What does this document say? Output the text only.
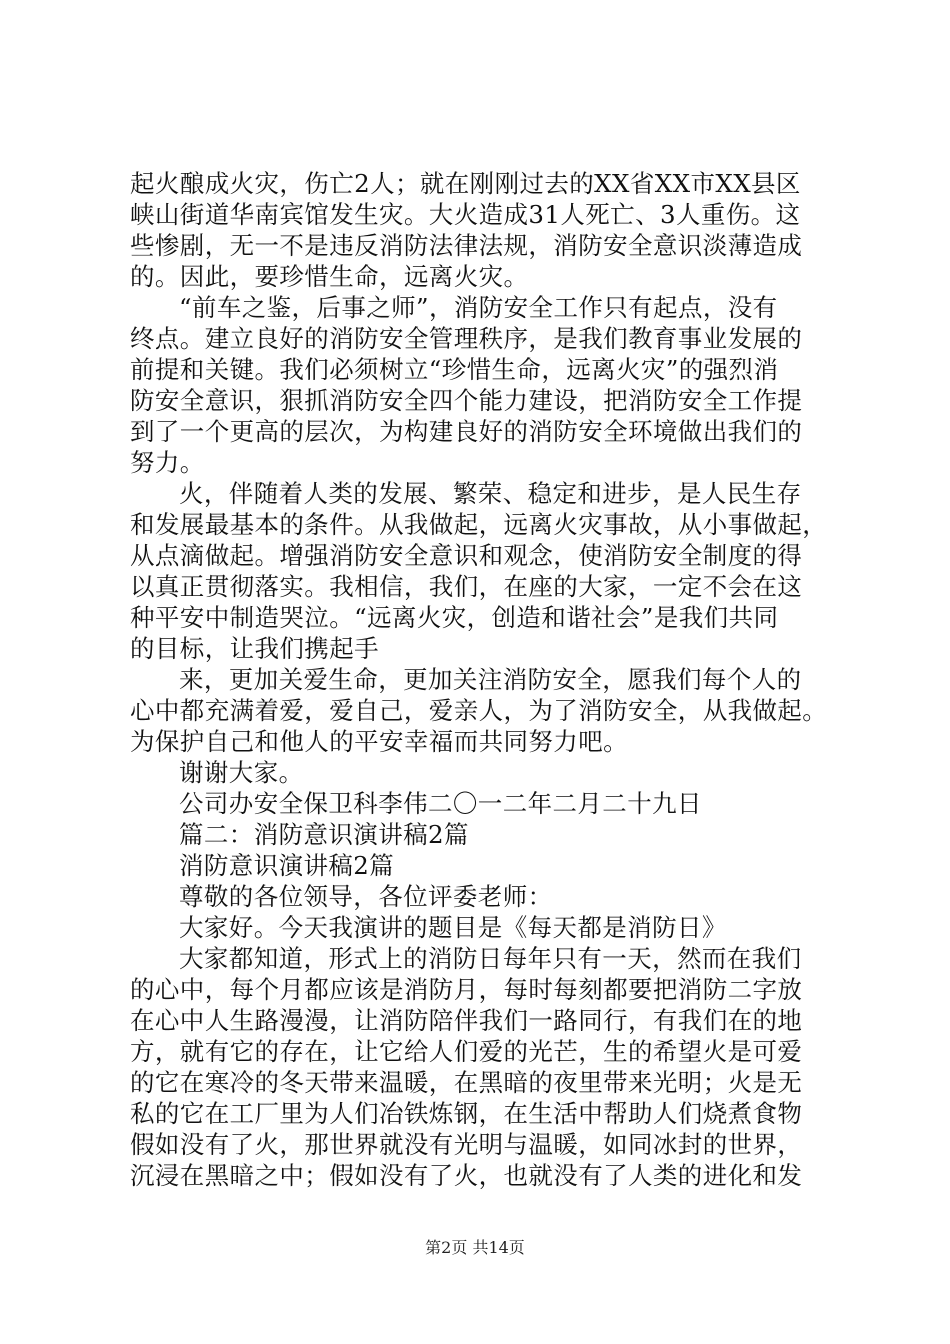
起火酿成火灾，伤亡2人；就在刚刚过去的XX省XX市XX县区
峡山街道华南宾馆发生灾。大火造成31人死亡、3人重伤。这
些惨剧，无一不是违反消防法律法规，消防安全意识淡薄造成
的。因此，要珍惜生命，远离火灾。
“前车之鉴，后事之师”，消防安全工作只有起点，没有
终点。建立良好的消防安全管理秩序，是我们教育事业发展的
前提和关键。我们必须树立“珍惜生命，远离火灾”的强烈消
防安全意识，狠抓消防安全四个能力建设，把消防安全工作提
到了一个更高的层次，为构建良好的消防安全环境做出我们的
努力。
火，伴随着人类的发展、繁荣、稳定和进步，是人民生存
和发展最基本的条件。从我做起，远离火灾事故，从小事做起，
从点滴做起。增强消防安全意识和观念，使消防安全制度的得
以真正贯彻落实。我相信，我们，在座的大家，一定不会在这
种平安中制造哭泣。“远离火灾，创造和谐社会”是我们共同
的目标，让我们携起手
来，更加关爱生命，更加关注消防安全，愿我们每个人的
心中都充满着爱，爱自己，爱亲人，为了消防安全，从我做起。
为保护自己和他人的平安幸福而共同努力吧。
谢谢大家。
公司办安全保卫科李伟二〇一二年二月二十九日
篇二：消防意识演讲稿2篇
消防意识演讲稿2篇
尊敬的各位领导，各位评委老师：
大家好。今天我演讲的题目是《每天都是消防日》
大家都知道，形式上的消防日每年只有一天，然而在我们
的心中，每个月都应该是消防月，每时每刻都要把消防二字放
在心中人生路漫漫，让消防陪伴我们一路同行，有我们在的地
方，就有它的存在，让它给人们爱的光芒，生的希望火是可爱
的它在寒冷的冬天带来温暖，在黑暗的夜里带来光明；火是无
私的它在工厂里为人们冶铁炼钢，在生活中帮助人们烧煮食物
假如没有了火，那世界就没有光明与温暖，如同冰封的世界，
沉浸在黑暗之中；假如没有了火，也就没有了人类的进化和发
第2页 共14页
